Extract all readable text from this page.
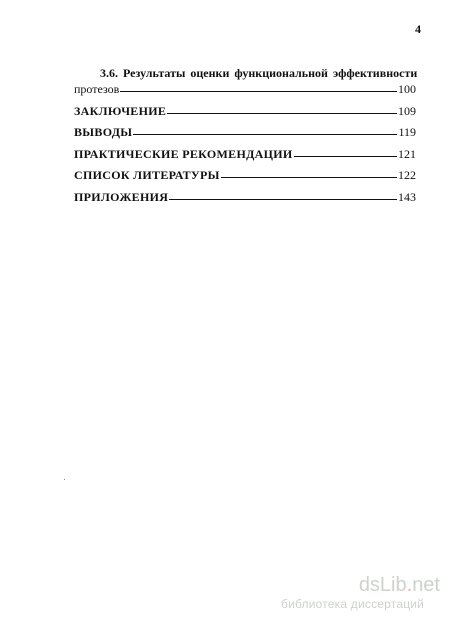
4
3.6. Результаты оценки функциональной эффективности
протезов	100
ЗАКЛЮЧЕНИЕ	109
ВЫВОДЫ	119
ПРАКТИЧЕСКИЕ РЕКОМЕНДАЦИИ	121
СПИСОК ЛИТЕРАТУРЫ	122
ПРИЛОЖЕНИЯ	143
dsLib.net
библиотека диссертаций
